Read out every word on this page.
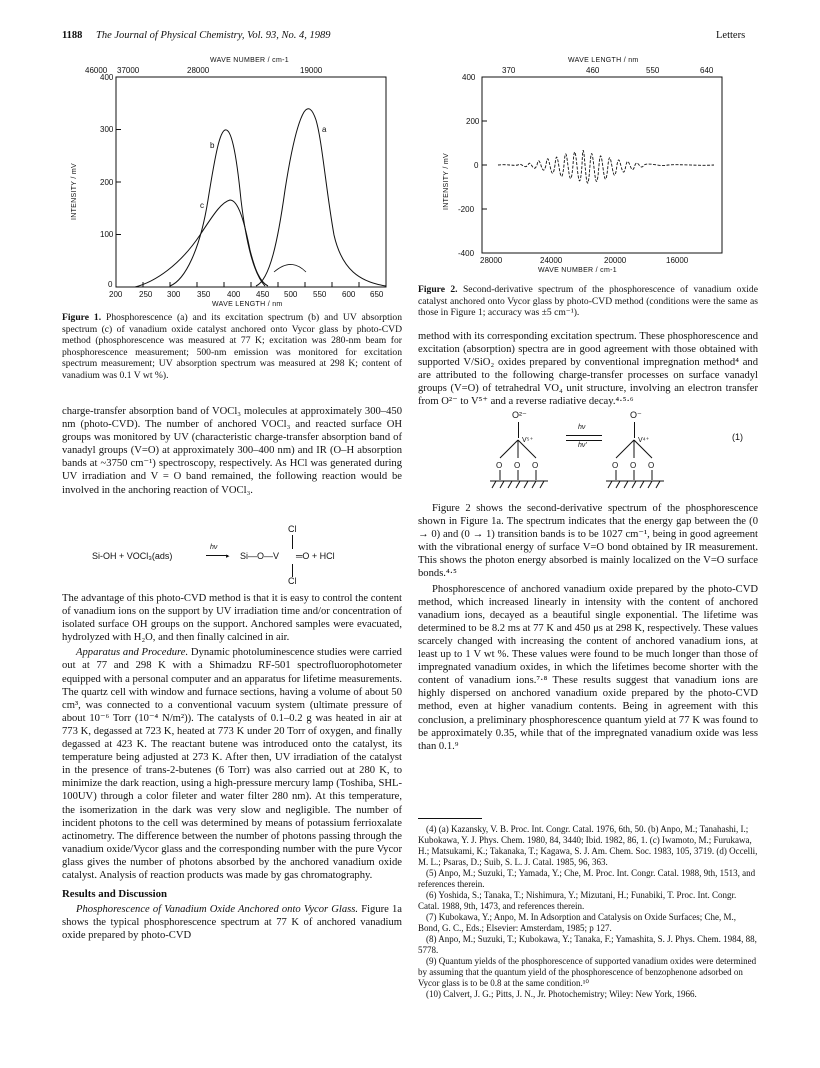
1188 The Journal of Physical Chemistry, Vol. 93, No. 4, 1989	Letters
WAVE NUMBER / cm-1
46000 37000	28000	19000
400
300
200
100
0
INTENSITY / mV
200 250 300 350 400 450 500 550 600 650
WAVE LENGTH / nm
b
c
a
Figure 1. Phosphorescence (a) and its excitation spectrum (b) and UV absorption spectrum (c) of vanadium oxide catalyst anchored onto Vycor glass by photo-CVD method (phosphorescence was measured at 77 K; excitation was 280-nm beam for phosphorescence measurement; 500-nm emission was monitored for excitation spectrum measurement; UV absorption spectrum was measured at 298 K; content of vanadium was 0.1 V wt %).

charge-transfer absorption band of VOCl₃ molecules at approximately 300–450 nm (photo-CVD). The number of anchored VOCl₃ and reacted surface OH groups was monitored by UV (characteristic charge-transfer absorption band of vanadyl groups (V=O) at approximately 300–400 nm) and IR (O–H absorption bands at ~3750 cm⁻¹) spectroscopy, respectively. As HCl was generated during UV irradiation and V = O band remained, the following reaction would be involved in the anchoring reaction of VOCl₃.

Cl
Si-OH + VOCl₃(ads)
hν
▸ Si—O—V ═O + HCl
Cl

The advantage of this photo-CVD method is that it is easy to control the content of vanadium ions on the support by UV irradiation time and/or concentration of isolated surface OH groups on the support. Anchored samples were evacuated, hydrolyzed with H₂O, and then finally calcined in air.

Apparatus and Procedure. Dynamic photoluminescence studies were carried out at 77 and 298 K with a Shimadzu RF-501 spectrofluorophotometer equipped with a personal computer and an apparatus for lifetime measurements. The quartz cell with window and furnace sections, having a volume of about 50 cm³, was connected to a conventional vacuum system (ultimate pressure of about 10⁻⁶ Torr (10⁻⁴ N/m²)). The catalysts of 0.1–0.2 g was heated in air at 773 K, degassed at 723 K, heated at 773 K under 20 Torr of oxygen, and finally degassed at 423 K. The reactant butene was introduced onto the catalyst, its temperature being adjusted at 273 K. After then, UV irradiation of the catalyst in the presence of trans-2-butenes (6 Torr) was also carried out at 280 K, to minimize the dark reaction, using a high-pressure mercury lamp (Toshiba, SHL-100UV) through a color fileter and water filter 280 nm). At this temperature, the isomerization in the dark was very slow and negligible. The number of incident photons to the cell was determined by means of potassium ferrioxalate actinometry. The difference between the number of photons passing through the vanadium oxide/Vycor glass and the corresponding number with the pure Vycor glass gives the number of photons absorbed by the anchored vanadium oxide catalyst. Analysis of reaction products was made by gas chromatography.

Results and Discussion

Phosphorescence of Vanadium Oxide Anchored onto Vycor Glass. Figure 1a shows the typical phosphorescence spectrum at 77 K of anchored vanadium oxide prepared by photo-CVD

WAVE LENGTH / nm
370	460	550	640
400
200
0
-200
-400
INTENSITY / mV
28000	24000	20000	16000
WAVE NUMBER / cm-1
Figure 2. Second-derivative spectrum of the phosphorescence of vanadium oxide catalyst anchored onto Vycor glass by photo-CVD method (conditions were the same as those in Figure 1; accuracy was ±5 cm⁻¹).

method with its corresponding excitation spectrum. These phosphorescence and excitation (absorption) spectra are in good agreement with those obtained with supported V/SiO₂ oxides prepared by conventional impregnation method⁴ and are attributed to the following charge-transfer processes on surface vanadyl groups (V=O) of tetrahedral VO₄ unit structure, involving an electron transfer from O²⁻ to V⁵⁺ and a reverse radiative decay.⁴·⁵·⁶

O²⁻
V⁵⁺
O O O
hν
hν'
O⁻
V⁴⁺
O O O
(1)

Figure 2 shows the second-derivative spectrum of the phosphorescence shown in Figure 1a. The spectrum indicates that the energy gap between the (0 → 0) and (0 → 1) transition bands is to be 1027 cm⁻¹, being in good agreement with the vibrational energy of surface V=O bond obtained by IR measurement. This shows the photon energy absorbed is mainly localized on the V=O surface bonds.⁴·⁵

Phosphorescence of anchored vanadium oxide prepared by the photo-CVD method, which increased linearly in intensity with the content of anchored vanadium ions, decayed as a beautiful single exponential. The lifetime was determined to be 8.2 ms at 77 K and 450 μs at 298 K, respectively. These values scarcely changed with increasing the content of anchored vanadium ions, at least up to 1 V wt %. These values were found to be much longer than those of impregnated vanadium oxides, in which the lifetimes become shorter with the content of vanadium ions.⁷·⁸ These results suggest that vanadium ions are highly dispersed on anchored vanadium oxide prepared by the photo-CVD method, even at higher vanadium contents. Being in agreement with this conclusion, a preliminary phosphorescence quantum yield at 77 K was found to be approximately 0.35, while that of the impregnated vanadium oxide was less than 0.1.⁹

(4) (a) Kazansky, V. B. Proc. Int. Congr. Catal. 1976, 6th, 50. (b) Anpo, M.; Tanahashi, I.; Kubokawa, Y. J. Phys. Chem. 1980, 84, 3440; Ibid. 1982, 86, 1. (c) Iwamoto, M.; Furukawa, H.; Matsukami, K.; Takanaka, T.; Kagawa, S. J. Am. Chem. Soc. 1983, 105, 3719. (d) Occelli, M. L.; Psaras, D.; Suib, S. L. J. Catal. 1985, 96, 363.
(5) Anpo, M.; Suzuki, T.; Yamada, Y.; Che, M. Proc. Int. Congr. Catal. 1988, 9th, 1513, and references therein.
(6) Yoshida, S.; Tanaka, T.; Nishimura, Y.; Mizutani, H.; Funabiki, T. Proc. Int. Congr. Catal. 1988, 9th, 1473, and references therein.
(7) Kubokawa, Y.; Anpo, M. In Adsorption and Catalysis on Oxide Surfaces; Che, M., Bond, G. C., Eds.; Elsevier: Amsterdam, 1985; p 127.
(8) Anpo, M.; Suzuki, T.; Kubokawa, Y.; Tanaka, F.; Yamashita, S. J. Phys. Chem. 1984, 88, 5778.
(9) Quantum yields of the phosphorescence of supported vanadium oxides were determined by assuming that the quantum yield of the phosphorescence of benzophenone adsorbed on Vycor glass is to be 0.8 at the same condition.¹⁰
(10) Calvert, J. G.; Pitts, J. N., Jr. Photochemistry; Wiley: New York, 1966.
